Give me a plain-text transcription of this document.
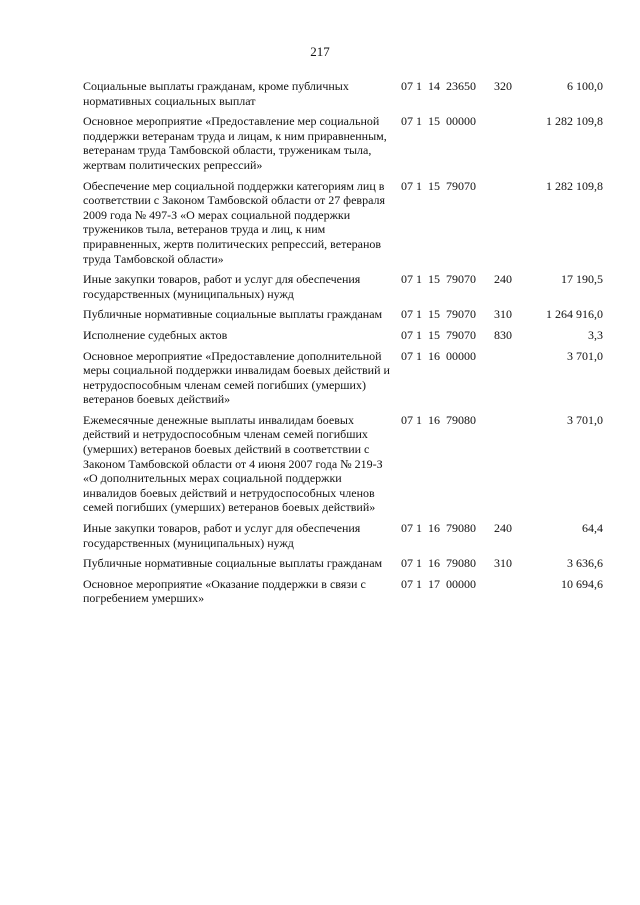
217
Социальные выплаты гражданам, кроме публичных нормативных социальных выплат	07	1	14	23650	320	6 100,0
Основное мероприятие «Предоставление мер социальной поддержки ветеранам труда и лицам, к ним приравненным, ветеранам труда Тамбовской области, труженикам тыла, жертвам политических репрессий»	07	1	15	00000		1 282 109,8
Обеспечение мер социальной поддержки категориям лиц в соответствии с Законом Тамбовской области от 27 февраля 2009 года № 497-З «О мерах социальной поддержки тружеников тыла, ветеранов труда и лиц, к ним приравненных, жертв политических репрессий, ветеранов труда Тамбовской области»	07	1	15	79070		1 282 109,8
Иные закупки товаров, работ и услуг для обеспечения государственных (муниципальных) нужд	07	1	15	79070	240	17 190,5
Публичные нормативные социальные выплаты гражданам	07	1	15	79070	310	1 264 916,0
Исполнение судебных актов	07	1	15	79070	830	3,3
Основное мероприятие «Предоставление дополнительной меры социальной поддержки инвалидам боевых действий и нетрудоспособным членам семей погибших (умерших) ветеранов боевых действий»	07	1	16	00000		3 701,0
Ежемесячные денежные выплаты инвалидам боевых действий и нетрудоспособным членам семей погибших (умерших) ветеранов боевых действий в соответствии с Законом Тамбовской области от 4 июня 2007 года № 219-З «О дополнительных мерах социальной поддержки инвалидов боевых действий и нетрудоспособных членов семей погибших (умерших) ветеранов боевых действий»	07	1	16	79080		3 701,0
Иные закупки товаров, работ и услуг для обеспечения государственных (муниципальных) нужд	07	1	16	79080	240	64,4
Публичные нормативные социальные выплаты гражданам	07	1	16	79080	310	3 636,6
Основное мероприятие «Оказание поддержки в связи с погребением умерших»	07	1	17	00000		10 694,6
